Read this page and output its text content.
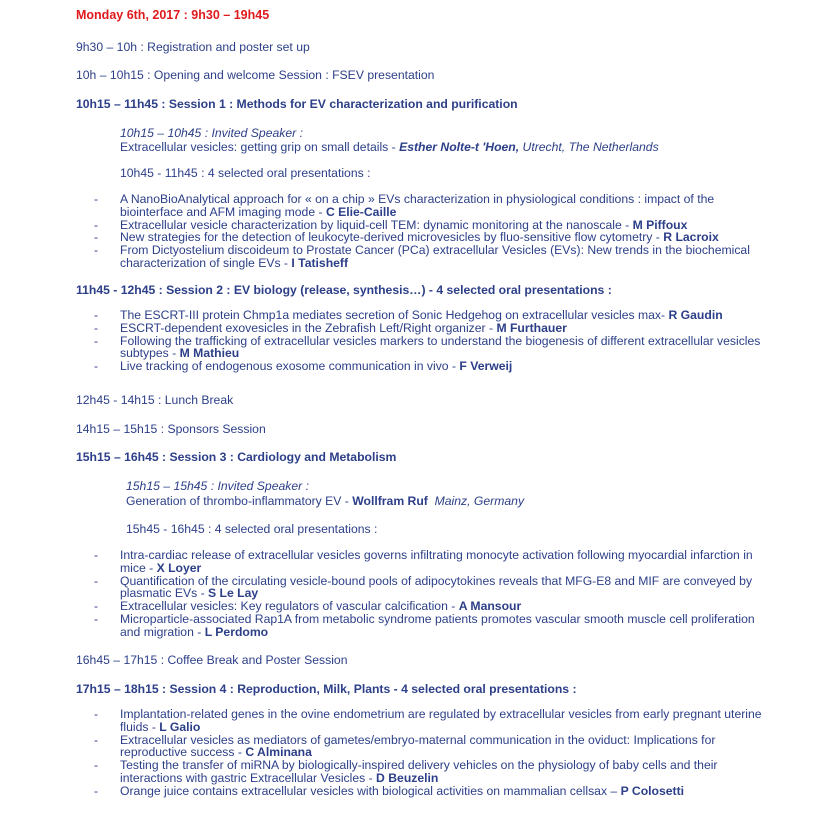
Monday 6th, 2017 : 9h30 – 19h45
9h30 – 10h : Registration and poster set up
10h – 10h15 : Opening and welcome Session : FSEV presentation
10h15 – 11h45 : Session 1 : Methods for EV characterization and purification
10h15 – 10h45 : Invited Speaker :
Extracellular vesicles: getting grip on small details - Esther Nolte-t 'Hoen, Utrecht, The Netherlands
10h45 - 11h45 : 4 selected oral presentations :
- A NanoBioAnalytical approach for « on a chip » EVs characterization in physiological conditions : impact of the biointerface and AFM imaging mode - C Elie-Caille
- Extracellular vesicle characterization by liquid-cell TEM: dynamic monitoring at the nanoscale - M Piffoux
- New strategies for the detection of leukocyte-derived microvesicles by fluo-sensitive flow cytometry - R Lacroix
- From Dictyostelium discoideum to Prostate Cancer (PCa) extracellular Vesicles (EVs): New trends in the biochemical characterization of single EVs - I Tatisheff
11h45 - 12h45 : Session 2 : EV biology (release, synthesis…) - 4 selected oral presentations :
- The ESCRT-III protein Chmp1a mediates secretion of Sonic Hedgehog on extracellular vesicles max- R Gaudin
- ESCRT-dependent exovesicles in the Zebrafish Left/Right organizer - M Furthauer
- Following the trafficking of extracellular vesicles markers to understand the biogenesis of different extracellular vesicles subtypes - M Mathieu
- Live tracking of endogenous exosome communication in vivo - F Verweij
12h45 - 14h15 : Lunch Break
14h15 – 15h15 : Sponsors Session
15h15 – 16h45 : Session 3 : Cardiology and Metabolism
15h15 – 15h45 : Invited Speaker :
Generation of thrombo-inflammatory EV - Wollfram Ruf  Mainz, Germany
15h45 - 16h45 : 4 selected oral presentations :
- Intra-cardiac release of extracellular vesicles governs infiltrating monocyte activation following myocardial infarction in mice - X Loyer
- Quantification of the circulating vesicle-bound pools of adipocytokines reveals that MFG-E8 and MIF are conveyed by plasmatic EVs - S Le Lay
- Extracellular vesicles: Key regulators of vascular calcification - A Mansour
- Microparticle-associated Rap1A from metabolic syndrome patients promotes vascular smooth muscle cell proliferation and migration - L Perdomo
16h45 – 17h15 : Coffee Break and Poster Session
17h15 – 18h15 : Session 4 : Reproduction, Milk, Plants - 4 selected oral presentations :
- Implantation-related genes in the ovine endometrium are regulated by extracellular vesicles from early pregnant uterine fluids - L Galio
- Extracellular vesicles as mediators of gametes/embryo-maternal communication in the oviduct: Implications for reproductive success - C Alminana
- Testing the transfer of miRNA by biologically-inspired delivery vehicles on the physiology of baby cells and their interactions with gastric Extracellular Vesicles - D Beuzelin
- Orange juice contains extracellular vesicles with biological activities on mammalian cellsax – P Colosetti
